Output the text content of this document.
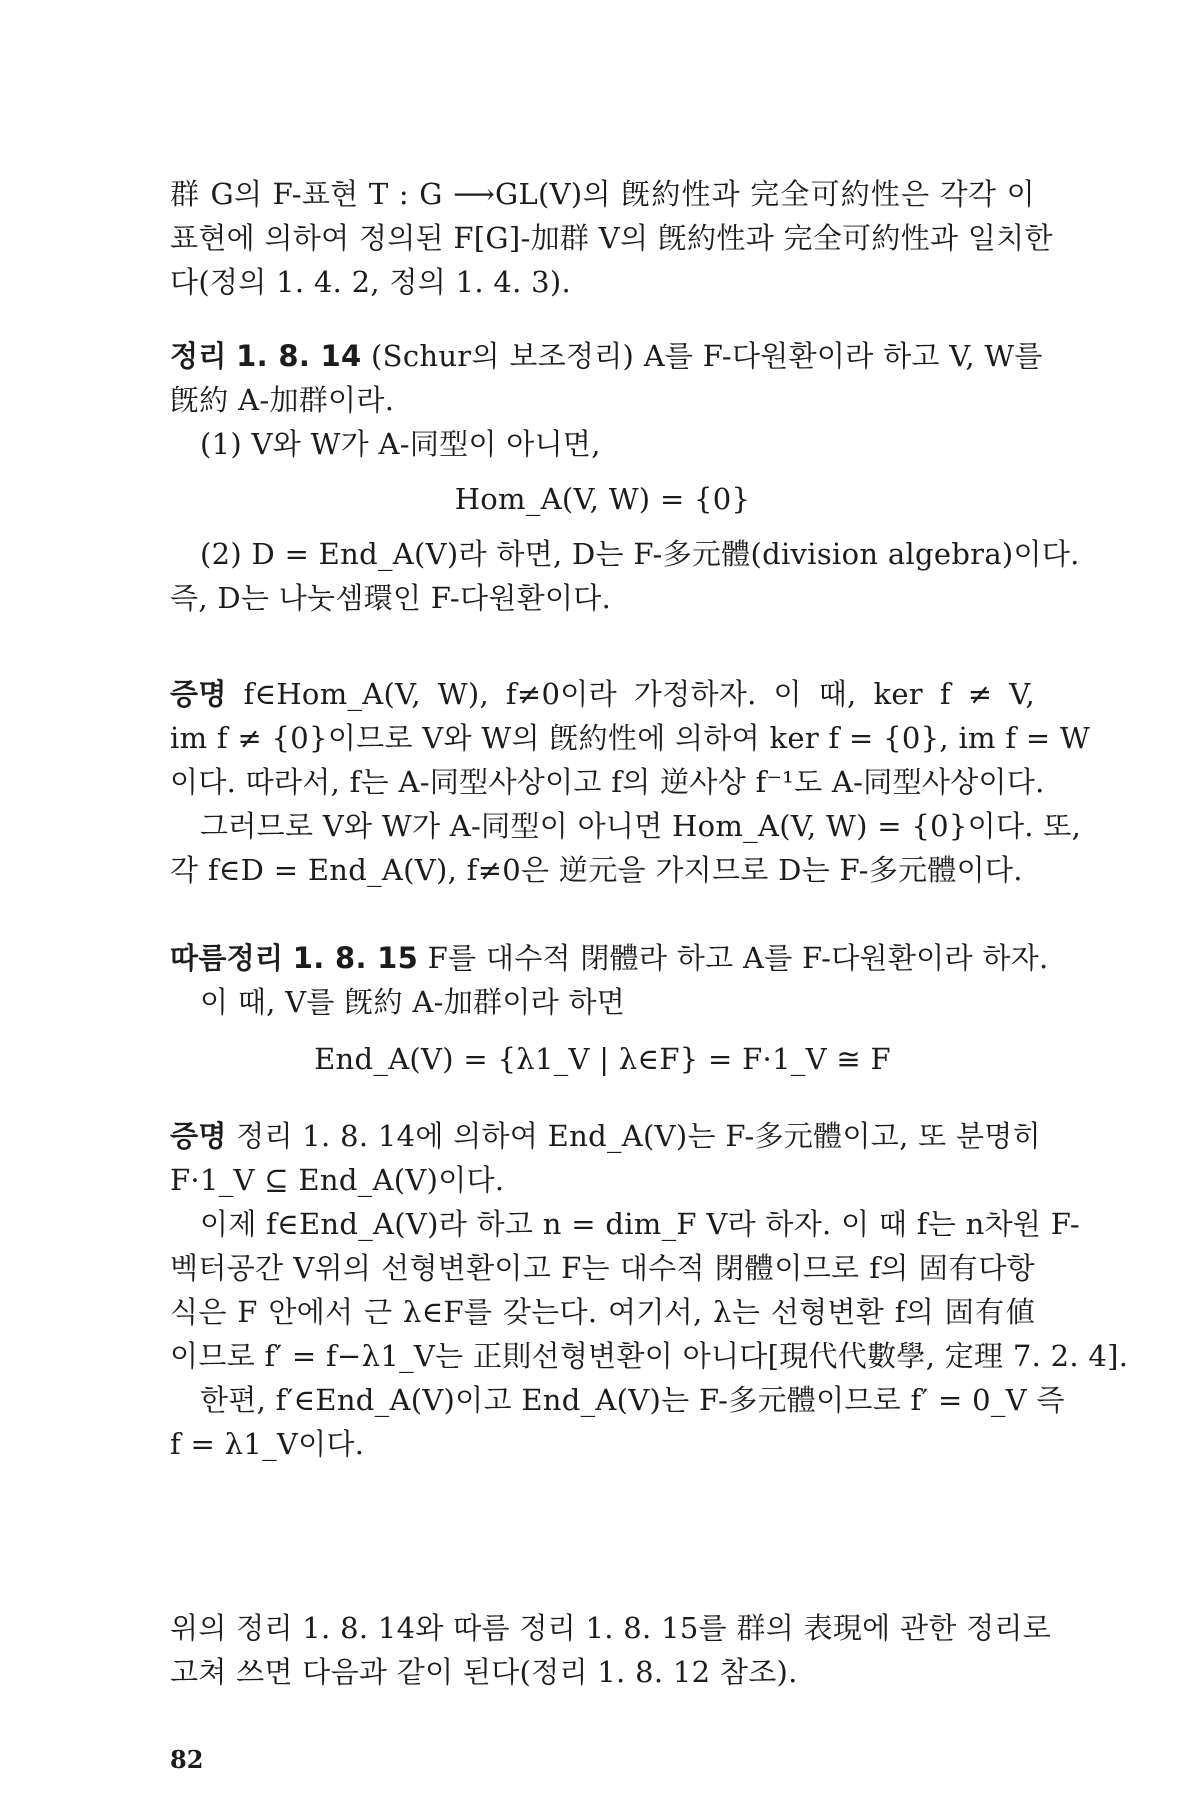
群 G의 F-표현 T : G ⟶GL(V)의 旣約性과 完全可約性은 각각 이
표현에 의하여 정의된 F[G]-加群 V의 旣約性과 完全可約性과 일치한
다(정의 1. 4. 2, 정의 1. 4. 3).
정리 1. 8. 14 (Schur의 보조정리) A를 F-다원환이라 하고 V, W를
旣約 A-加群이라.
(1) V와 W가 A-同型이 아니면,
Hom_A(V, W) = {0}
(2) D = End_A(V)라 하면, D는 F-多元體(division algebra)이다.
즉, D는 나눗셈環인 F-다원환이다.
증명 f∈Hom_A(V, W), f≠0이라 가정하자. 이 때, ker f ≠ V,
im f ≠ {0}이므로 V와 W의 旣約性에 의하여 ker f = {0}, im f = W
이다. 따라서, f는 A-同型사상이고 f의 逆사상 f⁻¹도 A-同型사상이다.
그러므로 V와 W가 A-同型이 아니면 Hom_A(V, W) = {0}이다. 또,
각 f∈D = End_A(V), f≠0은 逆元을 가지므로 D는 F-多元體이다.
따름정리 1. 8. 15 F를 대수적 閉體라 하고 A를 F-다원환이라 하자.
이 때, V를 旣約 A-加群이라 하면
End_A(V) = {λ1_V | λ∈F} = F·1_V ≅ F
증명 정리 1. 8. 14에 의하여 End_A(V)는 F-多元體이고, 또 분명히
F·1_V ⊆ End_A(V)이다.
이제 f∈End_A(V)라 하고 n = dim_F V라 하자. 이 때 f는 n차원 F-
벡터공간 V위의 선형변환이고 F는 대수적 閉體이므로 f의 固有다항
식은 F 안에서 근 λ∈F를 갖는다. 여기서, λ는 선형변환 f의 固有値
이므로 f′ = f−λ1_V는 正則선형변환이 아니다[現代代數學, 定理 7. 2. 4].
한편, f′∈End_A(V)이고 End_A(V)는 F-多元體이므로 f′ = 0_V 즉
f = λ1_V이다.
위의 정리 1. 8. 14와 따름 정리 1. 8. 15를 群의 表現에 관한 정리로
고쳐 쓰면 다음과 같이 된다(정리 1. 8. 12 참조).
82
